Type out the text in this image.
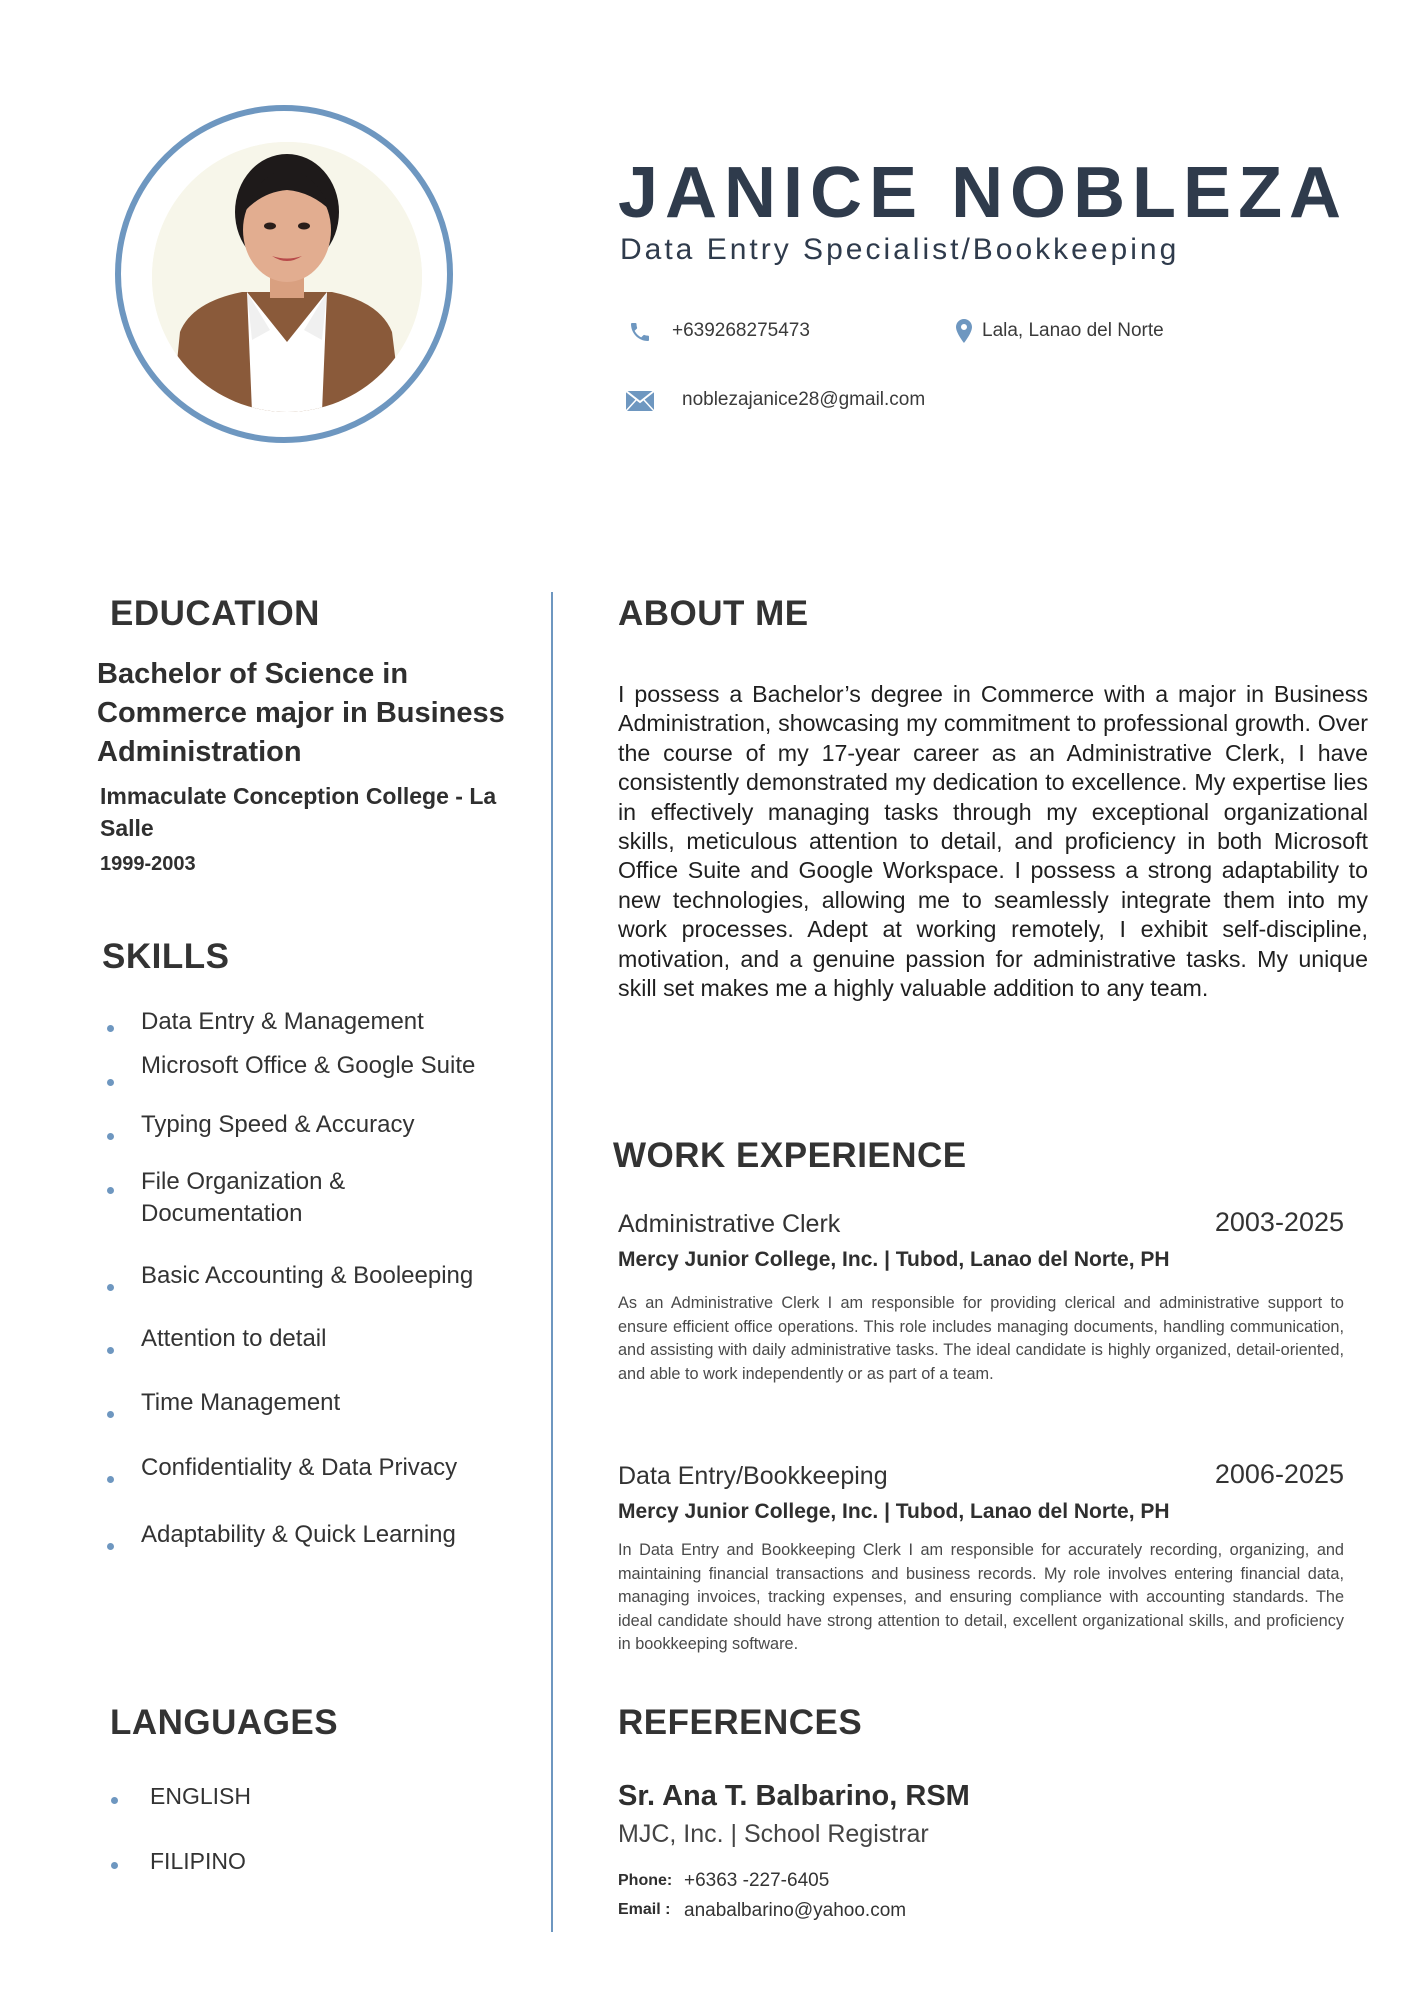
JANICE NOBLEZA
Data Entry Specialist/Bookkeeping
+639268275473	Lala, Lanao del Norte
noblezajanice28@gmail.com
EDUCATION
Bachelor of Science in Commerce major in Business Administration
Immaculate Conception College - La Salle
1999-2003
SKILLS
Data Entry & Management
Microsoft Office & Google Suite
Typing Speed & Accuracy
File Organization & Documentation
Basic Accounting & Booleeping
Attention to detail
Time Management
Confidentiality & Data Privacy
Adaptability & Quick Learning
LANGUAGES
ENGLISH
FILIPINO
ABOUT ME
I possess a Bachelor’s degree in Commerce with a major in Business Administration, showcasing my commitment to professional growth. Over the course of my 17-year career as an Administrative Clerk, I have consistently demonstrated my dedication to excellence. My expertise lies in effectively managing tasks through my exceptional organizational skills, meticulous attention to detail, and proficiency in both Microsoft Office Suite and Google Workspace. I possess a strong adaptability to new technologies, allowing me to seamlessly integrate them into my work processes. Adept at working remotely, I exhibit self-discipline, motivation, and a genuine passion for administrative tasks. My unique skill set makes me a highly valuable addition to any team.
WORK EXPERIENCE
Administrative Clerk	2003-2025
Mercy Junior College, Inc. | Tubod, Lanao del Norte, PH
As an Administrative Clerk I am responsible for providing clerical and administrative support to ensure efficient office operations. This role includes managing documents, handling communication, and assisting with daily administrative tasks. The ideal candidate is highly organized, detail-oriented, and able to work independently or as part of a team.
Data Entry/Bookkeeping	2006-2025
Mercy Junior College, Inc. | Tubod, Lanao del Norte, PH
In Data Entry and Bookkeeping Clerk I am responsible for accurately recording, organizing, and maintaining financial transactions and business records. My role involves entering financial data, managing invoices, tracking expenses, and ensuring compliance with accounting standards. The ideal candidate should have strong attention to detail, excellent organizational skills, and proficiency in bookkeeping software.
REFERENCES
Sr. Ana T. Balbarino, RSM
MJC, Inc. | School Registrar
Phone: +6363 -227-6405
Email : anabalbarino@yahoo.com
